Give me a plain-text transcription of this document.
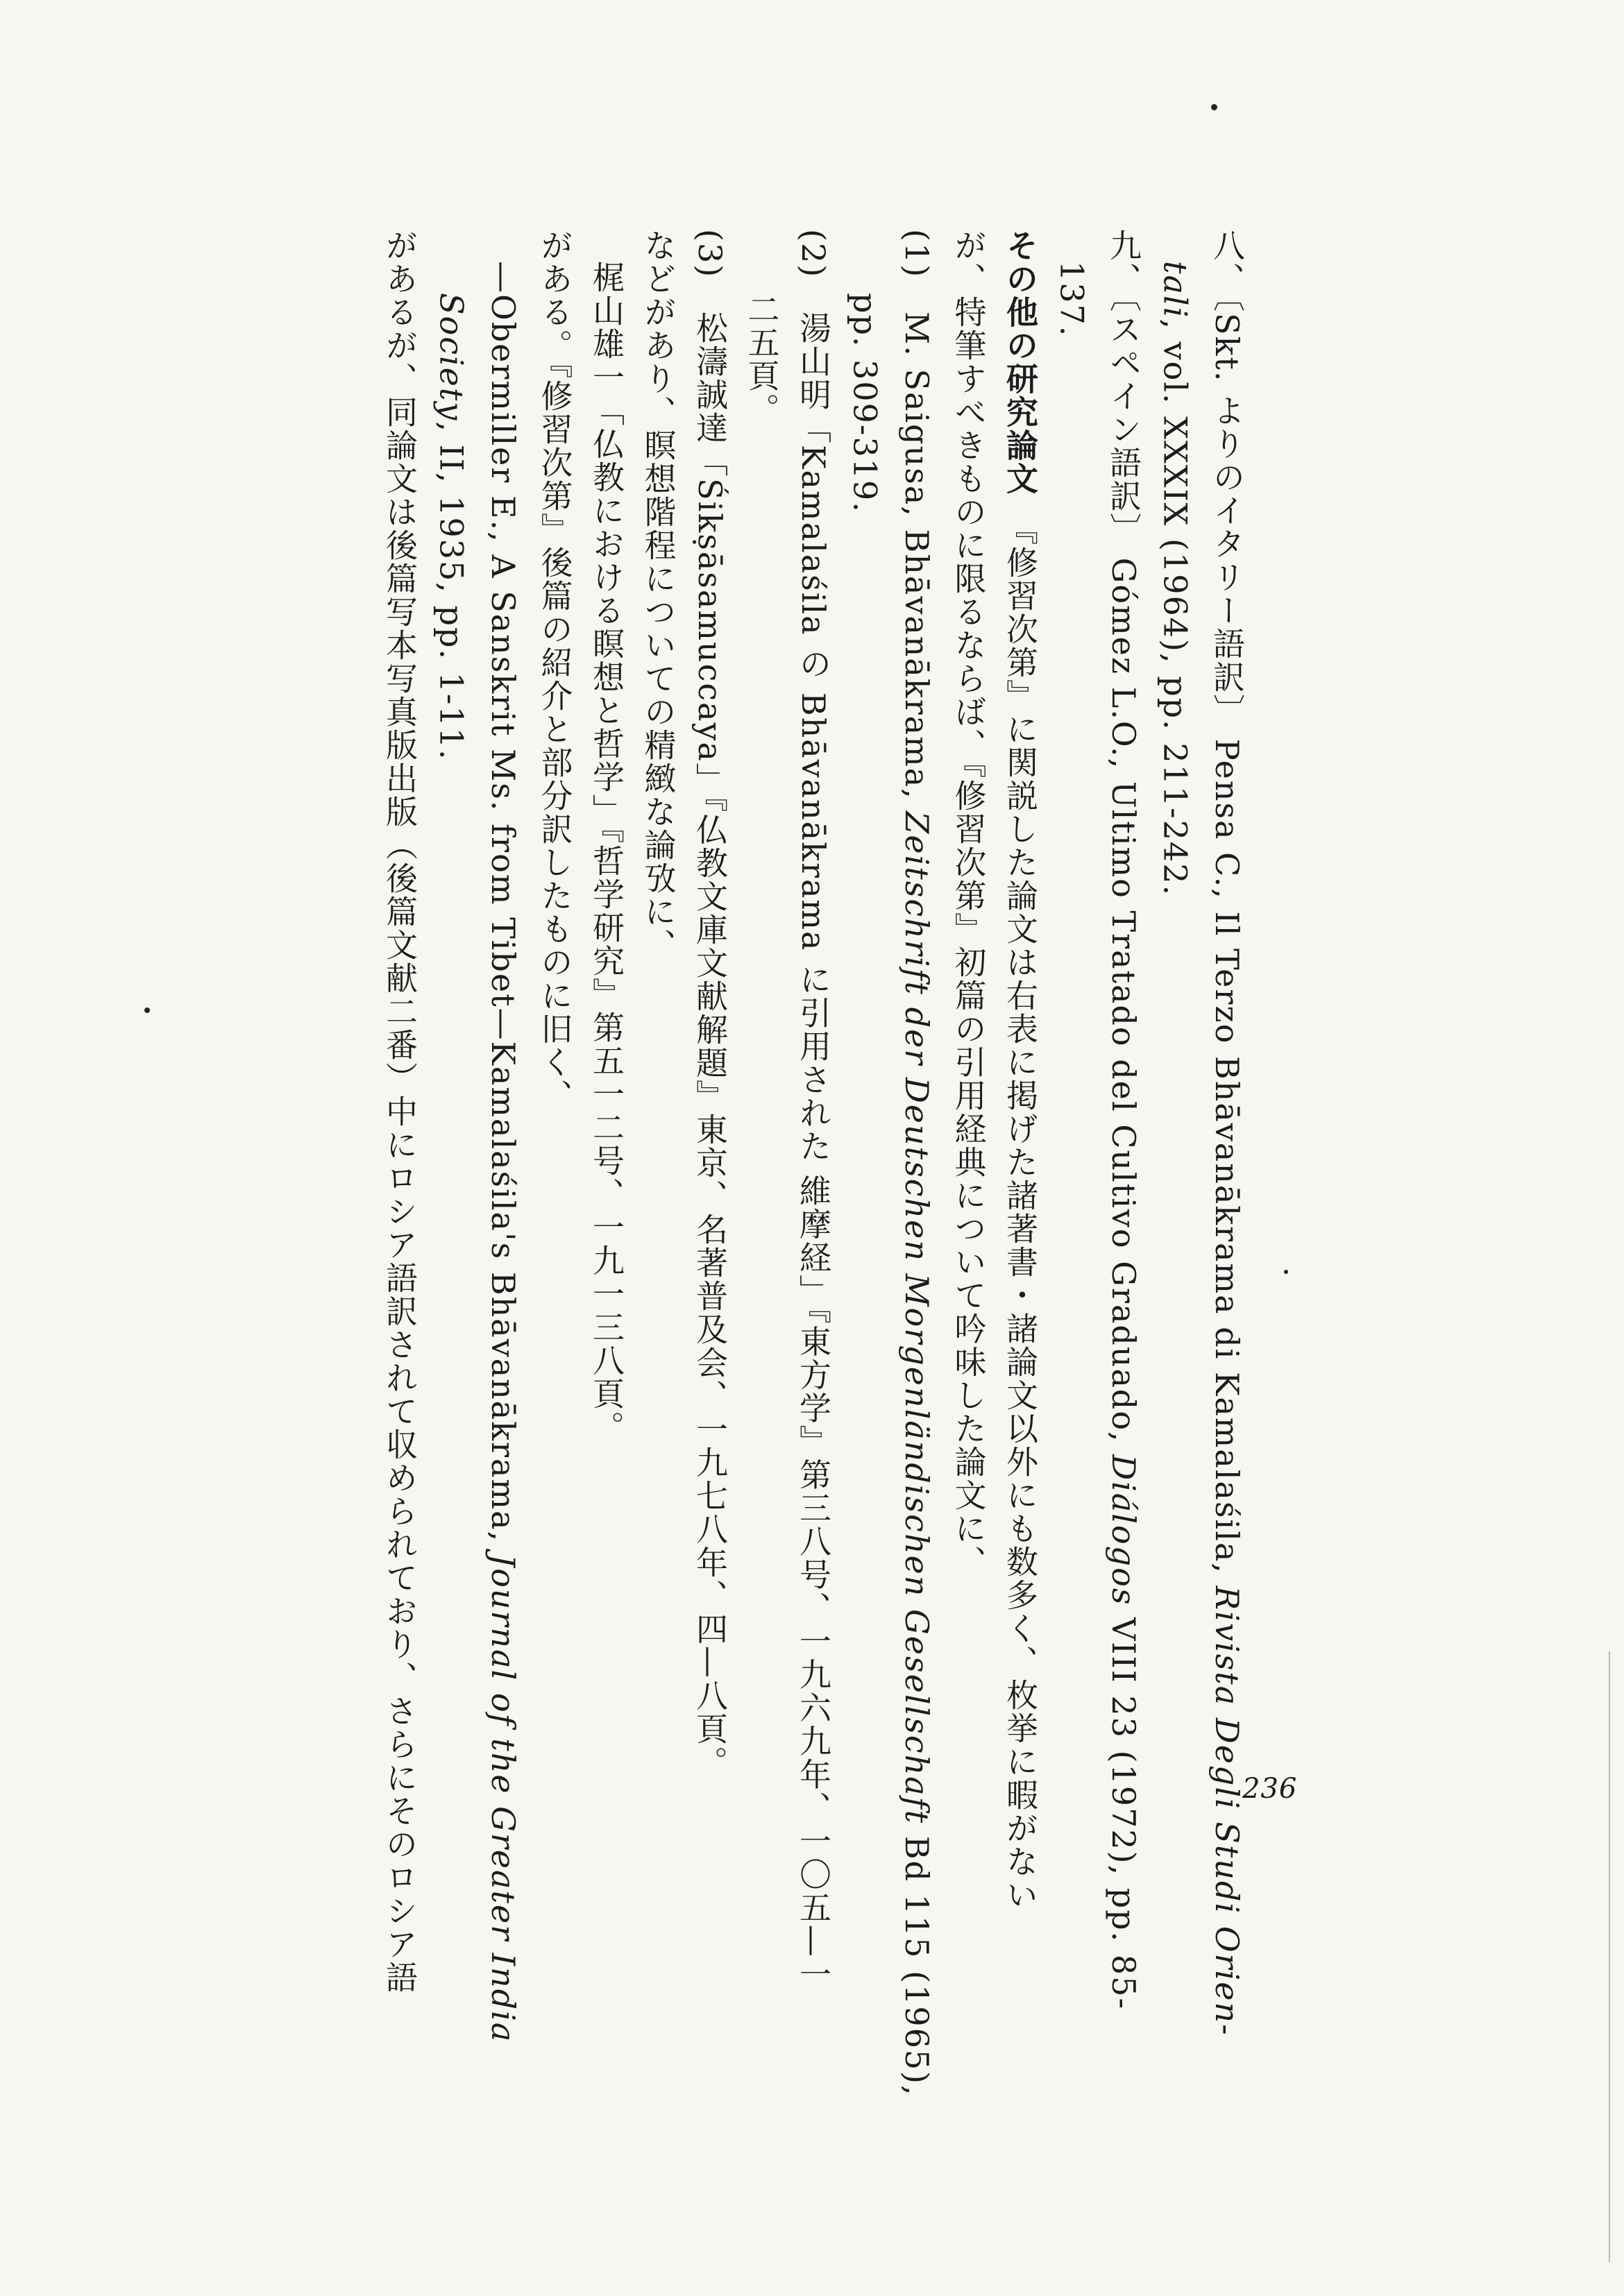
236
八、〔Skt. よりのイタリー語訳〕 Pensa C., Il Terzo Bhāvanākrama di Kamalaśila, Rivista Degli Studi Orien-
tali, vol. XXXIX (1964), pp. 211-242.
九、〔スペイン語訳〕 Gómez L.O., Ultimo Tratado del Cultivo Graduado, Diálogos VIII 23 (1972), pp. 85-
137.
その他の研究論文　『修習次第』に関説した論文は右表に掲げた諸著書・諸論文以外にも数多く、枚挙に暇がない
が、特筆すべきものに限るならば、『修習次第』初篇の引用経典について吟味した論文に、
(1)　M. Saigusa, Bhāvanākrama, Zeitschrift der Deutschen Morgenländischen Gesellschaft Bd 115 (1965),
pp. 309-319.
(2)　湯山明「Kamalaśila の Bhāvanākrama に引用された 維摩経」『東方学』第三八号、一九六九年、一〇五—一
二五頁。
(3)　松濤誠達「Śikṣāsamuccaya」『仏教文庫文献解題』東京、名著普及会、一九七八年、四—八頁。
などがあり、瞑想階程についての精緻な論攷に、
梶山雄一「仏教における瞑想と哲学」『哲学研究』第五一二号、一九一三八頁。
がある。『修習次第』後篇の紹介と部分訳したものに旧く、
—Obermiller E., A Sanskrit Ms. from Tibet—Kamalaśila's Bhāvanākrama, Journal of the Greater India
Society, II, 1935, pp. 1-11.
があるが、同論文は後篇写本写真版出版（後篇文献二番）中にロシア語訳されて収められており、さらにそのロシア語
